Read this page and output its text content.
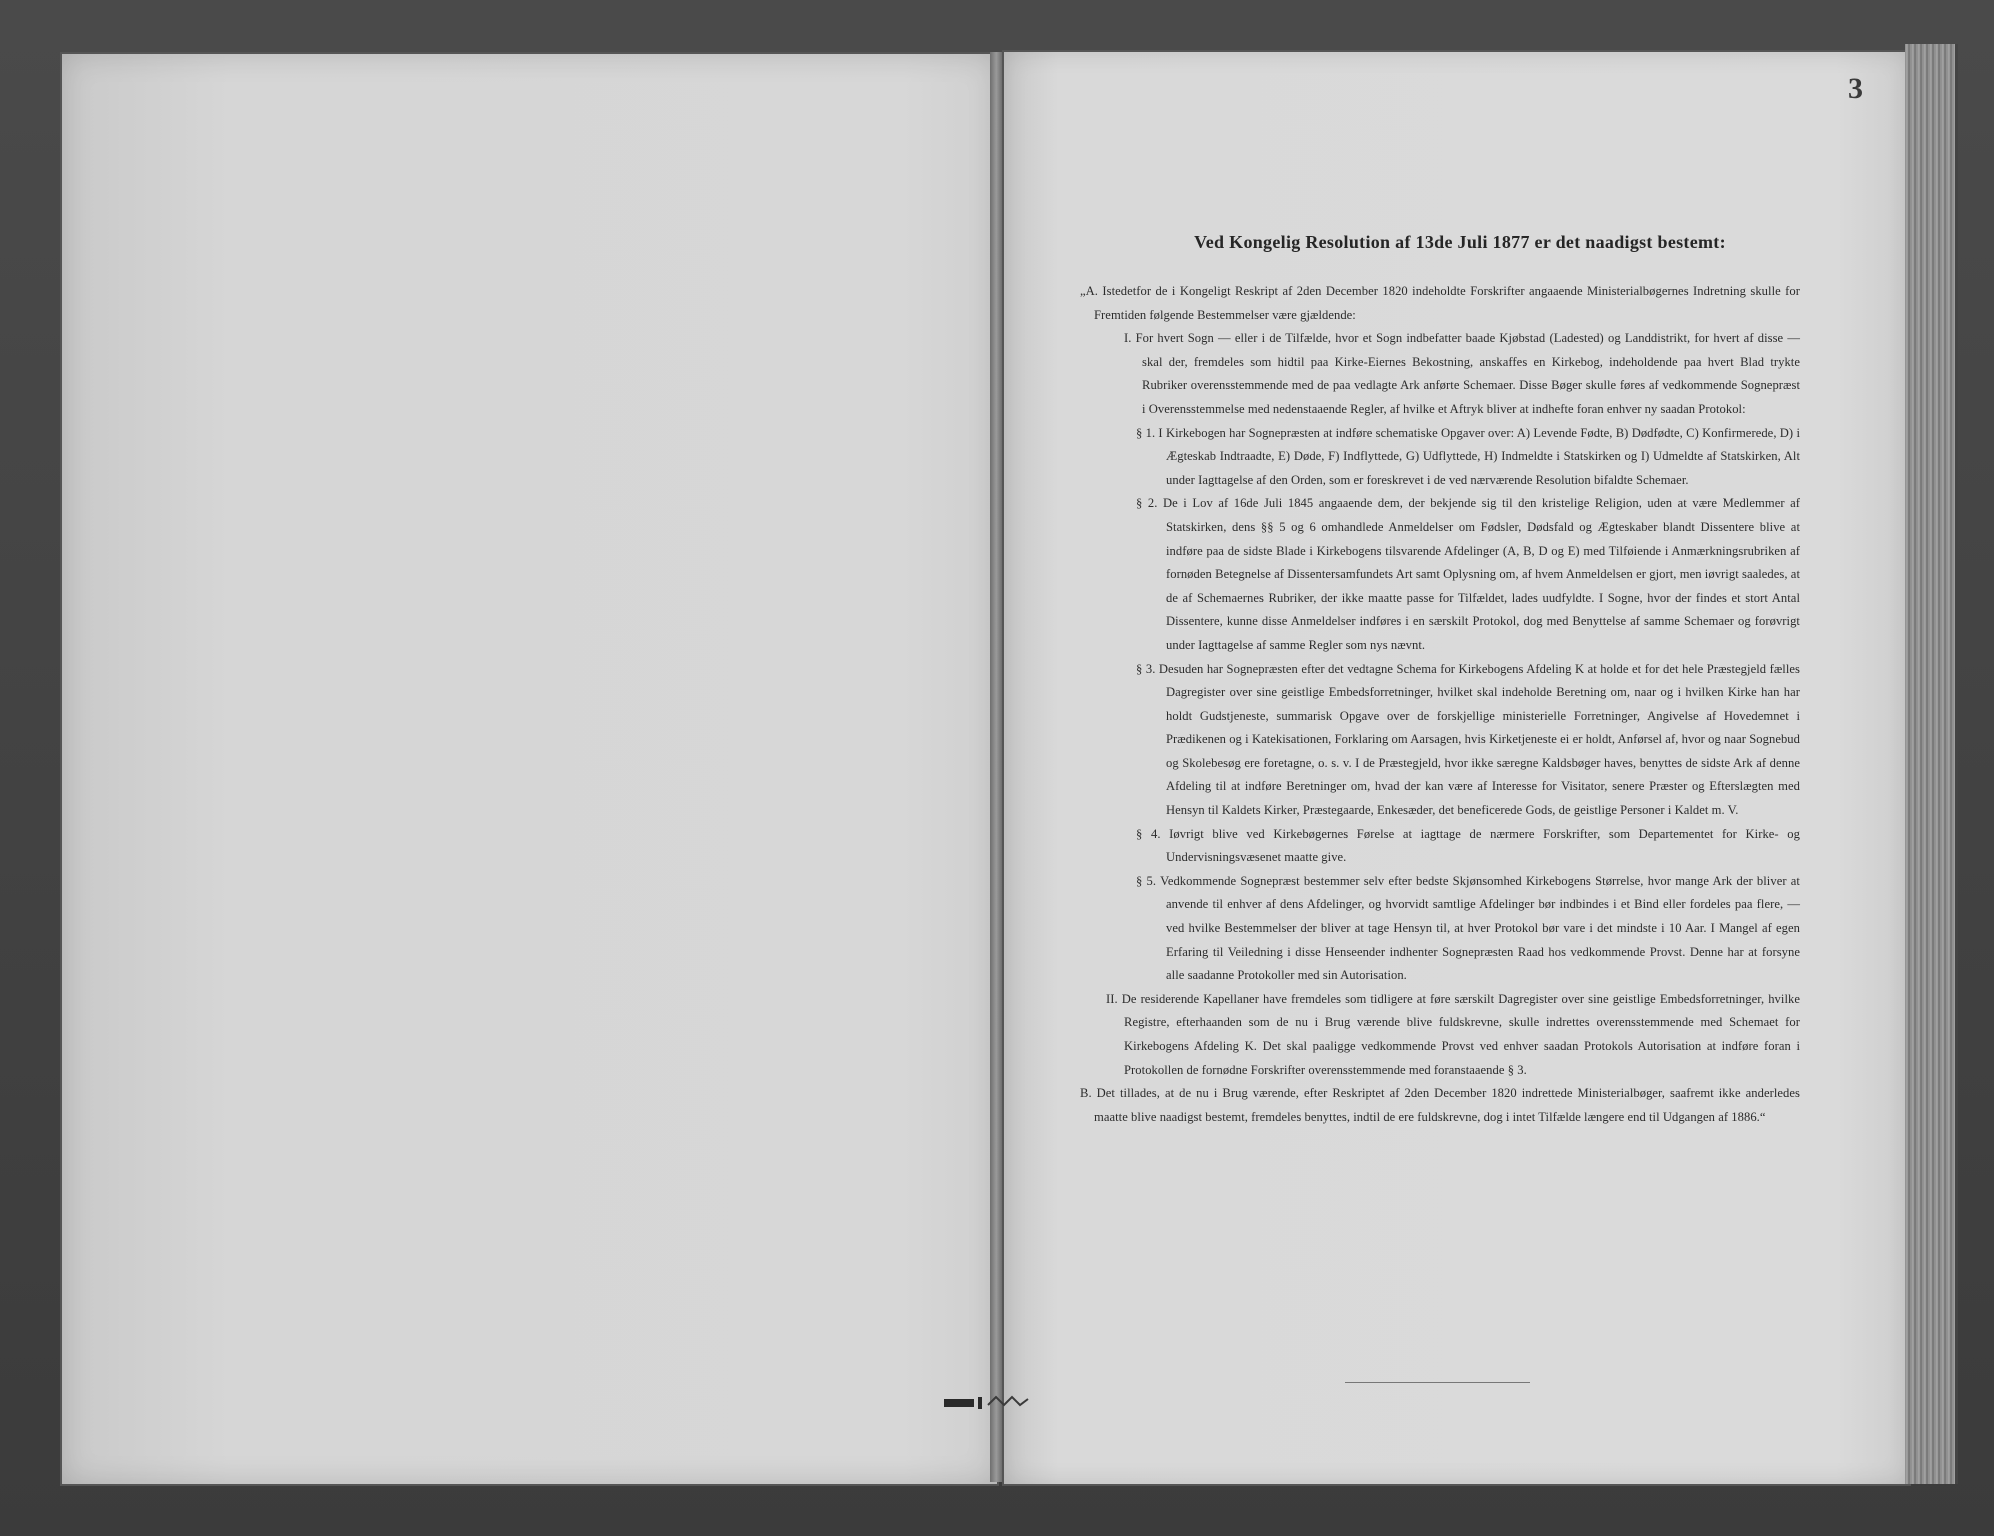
3
Ved Kongelig Resolution af 13de Juli 1877 er det naadigst bestemt:

„A. Istedetfor de i Kongeligt Reskript af 2den December 1820 indeholdte Forskrifter angaaende Ministerialbøgernes Indretning skulle for Fremtiden følgende Bestemmelser være gjældende:

I. For hvert Sogn — eller i de Tilfælde, hvor et Sogn indbefatter baade Kjøbstad (Ladested) og Landdistrikt, for hvert af disse — skal der, fremdeles som hidtil paa Kirke-Eiernes Bekostning, anskaffes en Kirkebog, indeholdende paa hvert Blad trykte Rubriker overensstemmende med de paa vedlagte Ark anførte Schemaer. Disse Bøger skulle føres af vedkommende Sognepræst i Overensstemmelse med nedenstaaende Regler, af hvilke et Aftryk bliver at indhefte foran enhver ny saadan Protokol:

§ 1. I Kirkebogen har Sognepræsten at indføre schematiske Opgaver over: A) Levende Fødte, B) Dødfødte, C) Konfirmerede, D) i Ægteskab Indtraadte, E) Døde, F) Indflyttede, G) Udflyttede, H) Indmeldte i Statskirken og I) Udmeldte af Statskirken, Alt under Iagttagelse af den Orden, som er foreskrevet i de ved nærværende Resolution bifaldte Schemaer.

§ 2. De i Lov af 16de Juli 1845 angaaende dem, der bekjende sig til den kristelige Religion, uden at være Medlemmer af Statskirken, dens §§ 5 og 6 omhandlede Anmeldelser om Fødsler, Dødsfald og Ægteskaber blandt Dissentere blive at indføre paa de sidste Blade i Kirkebogens tilsvarende Afdelinger (A, B, D og E) med Tilføiende i Anmærkningsrubriken af fornøden Betegnelse af Dissentersamfundets Art samt Oplysning om, af hvem Anmeldelsen er gjort, men iøvrigt saaledes, at de af Schemaernes Rubriker, der ikke maatte passe for Tilfældet, lades uudfyldte. I Sogne, hvor der findes et stort Antal Dissentere, kunne disse Anmeldelser indføres i en særskilt Protokol, dog med Benyttelse af samme Schemaer og forøvrigt under Iagttagelse af samme Regler som nys nævnt.

§ 3. Desuden har Sognepræsten efter det vedtagne Schema for Kirkebogens Afdeling K at holde et for det hele Præstegjeld fælles Dagregister over sine geistlige Embedsforretninger, hvilket skal indeholde Beretning om, naar og i hvilken Kirke han har holdt Gudstjeneste, summarisk Opgave over de forskjellige ministerielle Forretninger, Angivelse af Hovedemnet i Prædikenen og i Katekisationen, Forklaring om Aarsagen, hvis Kirketjeneste ei er holdt, Anførsel af, hvor og naar Sognebud og Skolebesøg ere foretagne, o. s. v. I de Præstegjeld, hvor ikke særegne Kaldsbøger haves, benyttes de sidste Ark af denne Afdeling til at indføre Beretninger om, hvad der kan være af Interesse for Visitator, senere Præster og Efterslægten med Hensyn til Kaldets Kirker, Præstegaarde, Enkesæder, det beneficerede Gods, de geistlige Personer i Kaldet m. V.

§ 4. Iøvrigt blive ved Kirkebøgernes Førelse at iagttage de nærmere Forskrifter, som Departementet for Kirke- og Undervisningsvæsenet maatte give.

§ 5. Vedkommende Sognepræst bestemmer selv efter bedste Skjønsomhed Kirkebogens Størrelse, hvor mange Ark der bliver at anvende til enhver af dens Afdelinger, og hvorvidt samtlige Afdelinger bør indbindes i et Bind eller fordeles paa flere, — ved hvilke Bestemmelser der bliver at tage Hensyn til, at hver Protokol bør vare i det mindste i 10 Aar. I Mangel af egen Erfaring til Veiledning i disse Henseender indhenter Sognepræsten Raad hos vedkommende Provst. Denne har at forsyne alle saadanne Protokoller med sin Autorisation.

II. De residerende Kapellaner have fremdeles som tidligere at føre særskilt Dagregister over sine geistlige Embedsforretninger, hvilke Registre, efterhaanden som de nu i Brug værende blive fuldskrevne, skulle indrettes overensstemmende med Schemaet for Kirkebogens Afdeling K. Det skal paaligge vedkommende Provst ved enhver saadan Protokols Autorisation at indføre foran i Protokollen de fornødne Forskrifter overensstemmende med foranstaaende § 3.

B. Det tillades, at de nu i Brug værende, efter Reskriptet af 2den December 1820 indrettede Ministerialbøger, saafremt ikke anderledes maatte blive naadigst bestemt, fremdeles benyttes, indtil de ere fuldskrevne, dog i intet Tilfælde længere end til Udgangen af 1886.“
